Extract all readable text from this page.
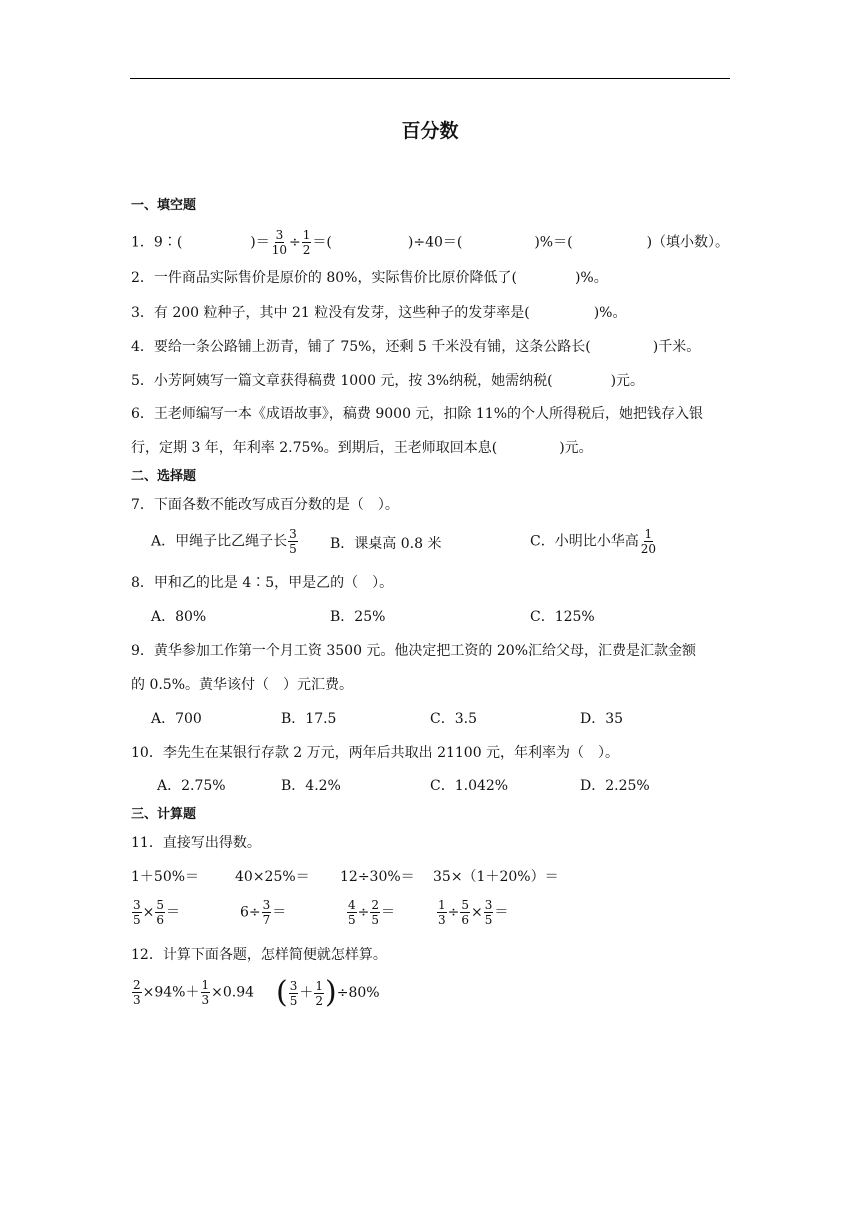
百分数
一、填空题
1．9∶(	)＝ $\frac{3}{10} \div \frac{1}{2}$ ＝(	)÷40＝(	)%＝(	)（填小数）。
2．一件商品实际售价是原价的 80%，实际售价比原价降低了(	)%。
3．有 200 粒种子，其中 21 粒没有发芽，这些种子的发芽率是(	)%。
4．要给一条公路铺上沥青，铺了 75%，还剩 5 千米没有铺，这条公路长(	)千米。
5．小芳阿姨写一篇文章获得稿费 1000 元，按 3%纳税，她需纳税(	)元。
6．王老师编写一本《成语故事》，稿费 9000 元，扣除 11%的个人所得税后，她把钱存入银
行，定期 3 年，年利率 2.75%。到期后，王老师取回本息(	)元。
二、选择题
7．下面各数不能改写成百分数的是（　）。
A．甲绳子比乙绳子长 $\frac{3}{5}$ B．课桌高 0.8 米	C．小明比小华高 $\frac{1}{20}$
8．甲和乙的比是 4∶5，甲是乙的（　）。
A．80%	B．25%	C．125%
9．黄华参加工作第一个月工资 3500 元。他决定把工资的 20%汇给父母，汇费是汇款金额
的 0.5%。黄华该付（　）元汇费。
A．700	B．17.5	C．3.5	D．35
10．李先生在某银行存款 2 万元，两年后共取出 21100 元，年利率为（　）。
A．2.75%	B．4.2%	C．1.042%	D．2.25%
三、计算题
11．直接写出得数。
1＋50%＝	40×25%＝ 12÷30%＝ 35×（1＋20%）＝
$\frac{3}{5} \times \frac{5}{6}$ ＝	$6\div \frac{3}{7}$ ＝	$\frac{4}{5} \div \frac{2}{5}$ ＝	$\frac{1}{3} \div \frac{5}{6} \times \frac{3}{5}$ ＝
12．计算下面各题，怎样简便就怎样算。
$\frac{2}{3} \times 94\%+ \frac{1}{3} \times 0.94$ ( $\frac{3}{5} + \frac{1}{2} )\div 80\%$
